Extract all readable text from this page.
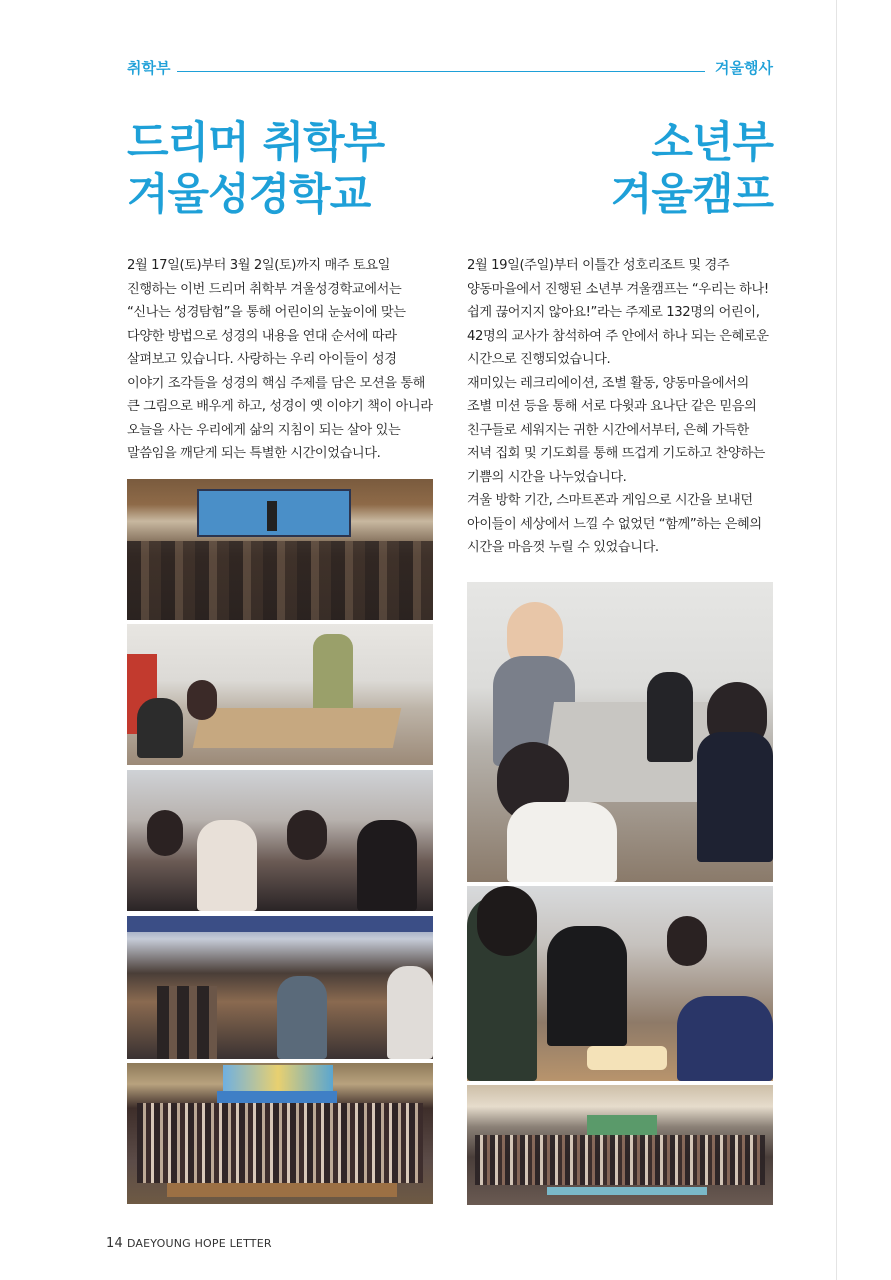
취학부	겨울행사
드리머 취학부
겨울성경학교
소년부
겨울캠프

2월 17일(토)부터 3월 2일(토)까지 매주 토요일 진행하는 이번 드리머 취학부 겨울성경학교에서는 “신나는 성경탐험”을 통해 어린이의 눈높이에 맞는 다양한 방법으로 성경의 내용을 연대 순서에 따라 살펴보고 있습니다. 사랑하는 우리 아이들이 성경 이야기 조각들을 성경의 핵심 주제를 담은 모션을 통해 큰 그림으로 배우게 하고, 성경이 옛 이야기 책이 아니라 오늘을 사는 우리에게 삶의 지침이 되는 살아 있는 말씀임을 깨닫게 되는 특별한 시간이었습니다.

2월 19일(주일)부터 이틀간 성호리조트 및 경주 양동마을에서 진행된 소년부 겨울캠프는 “우리는 하나! 쉽게 끊어지지 않아요!”라는 주제로 132명의 어린이, 42명의 교사가 참석하여 주 안에서 하나 되는 은혜로운 시간으로 진행되었습니다.

재미있는 레크리에이션, 조별 활동, 양동마을에서의 조별 미션 등을 통해 서로 다윗과 요나단 같은 믿음의 친구들로 세워지는 귀한 시간에서부터, 은혜 가득한 저녁 집회 및 기도회를 통해 뜨겁게 기도하고 찬양하는 기쁨의 시간을 나누었습니다.

겨울 방학 기간, 스마트폰과 게임으로 시간을 보내던 아이들이 세상에서 느낄 수 없었던 “함께”하는 은혜의 시간을 마음껏 누릴 수 있었습니다.

14 DAEYOUNG HOPE LETTER
